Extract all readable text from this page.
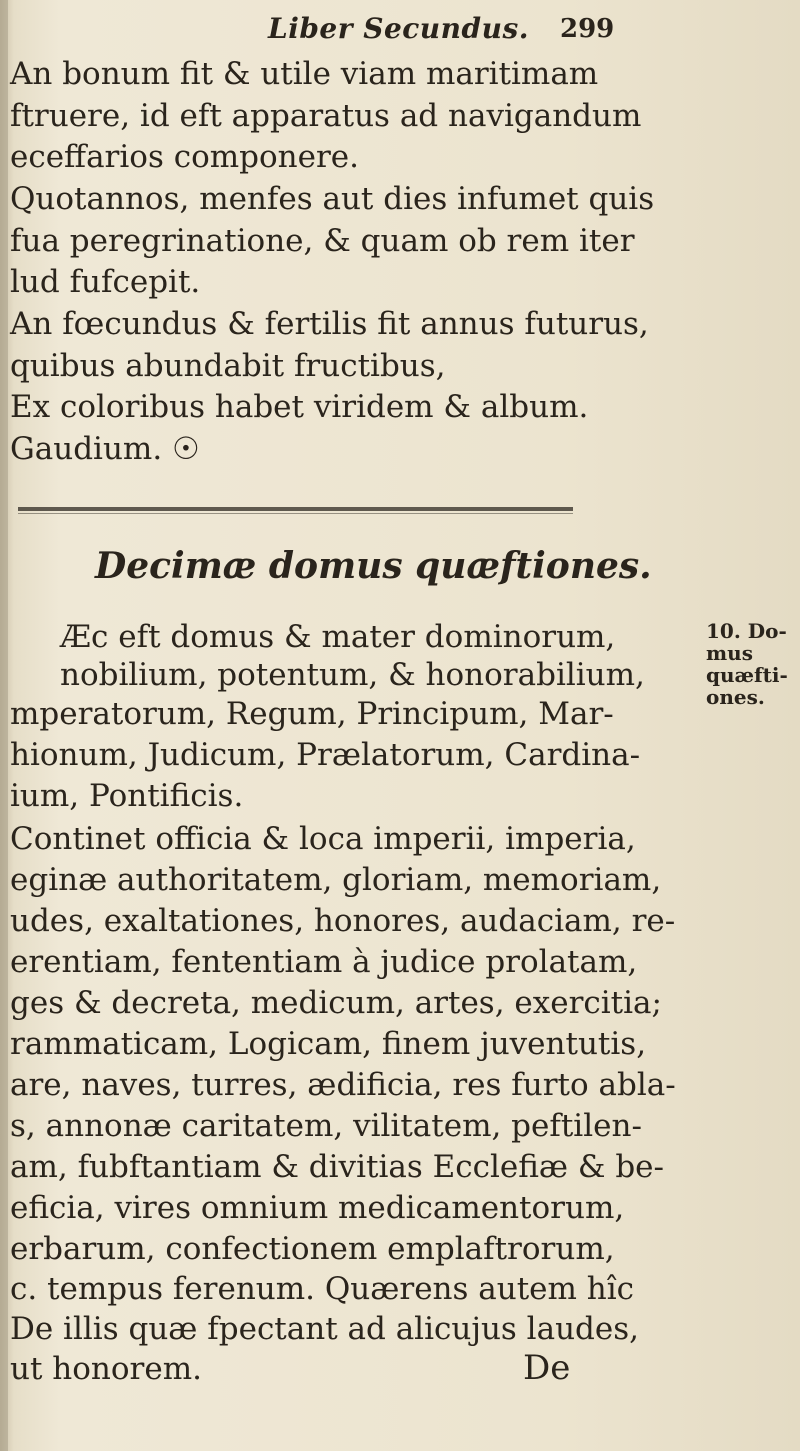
Liber Secundus. 299
An bonum fit & utile viam maritimam
ftruere, id eft apparatus ad navigandum
eceffarios componere.
Quotannos, menfes aut dies infumet quis
fua peregrinatione, & quam ob rem iter
lud fufcepit.
An fœcundus & fertilis fit annus futurus,
quibus abundabit fructibus,
Ex coloribus habet viridem & album.
Gaudium. ☉
Decimæ domus quæftiones.
Æc eft domus & mater dominorum,
nobilium, potentum, & honorabilium,
mperatorum, Regum, Principum, Mar-
hionum, Judicum, Prælatorum, Cardina-
ium, Pontificis.
Continet officia & loca imperii, imperia,
eginæ authoritatem, gloriam, memoriam,
udes, exaltationes, honores, audaciam, re-
erentiam, fententiam à judice prolatam,
ges & decreta, medicum, artes, exercitia;
rammaticam, Logicam, finem juventutis,
are, naves, turres, ædificia, res furto abla-
s, annonæ caritatem, vilitatem, peftilen-
am, fubftantiam & divitias Ecclefiæ & be-
eficia, vires omnium medicamentorum,
erbarum, confectionem emplaftrorum,
c. tempus ferenum. Quærens autem hîc
De illis quæ fpectant ad alicujus laudes,
ut honorem.
10. Do-
mus
quæfti-
ones.
De
